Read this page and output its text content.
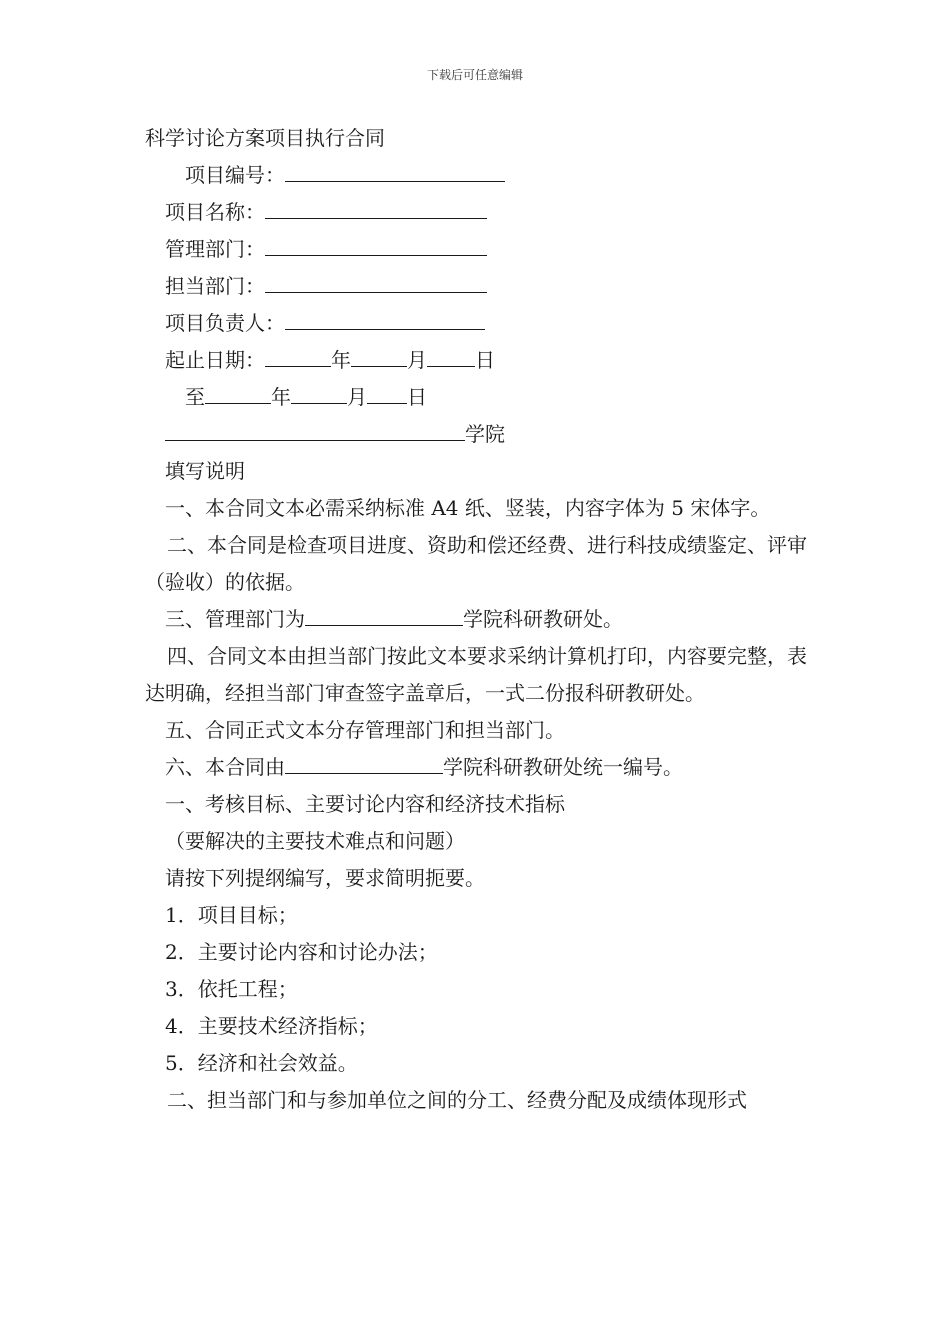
下载后可任意编辑
科学讨论方案项目执行合同
项目编号：
项目名称：
管理部门：
担当部门：
项目负责人：
起止日期：	年	月 日
至	年	月 日
学院
填写说明
一、本合同文本必需采纳标准 A4 纸、竖装，内容字体为 5 宋体字。
二、本合同是检查项目进度、资助和偿还经费、进行科技成绩鉴定、评审（验收）的依据。
三、管理部门为	学院科研教研处。
四、合同文本由担当部门按此文本要求采纳计算机打印，内容要完整，表达明确，经担当部门审查签字盖章后，一式二份报科研教研处。
五、合同正式文本分存管理部门和担当部门。
六、本合同由	学院科研教研处统一编号。
一、考核目标、主要讨论内容和经济技术指标
（要解决的主要技术难点和问题）
请按下列提纲编写，要求简明扼要。
1．项目目标；
2．主要讨论内容和讨论办法；
3．依托工程；
4．主要技术经济指标；
5．经济和社会效益。
二、担当部门和与参加单位之间的分工、经费分配及成绩体现形式
